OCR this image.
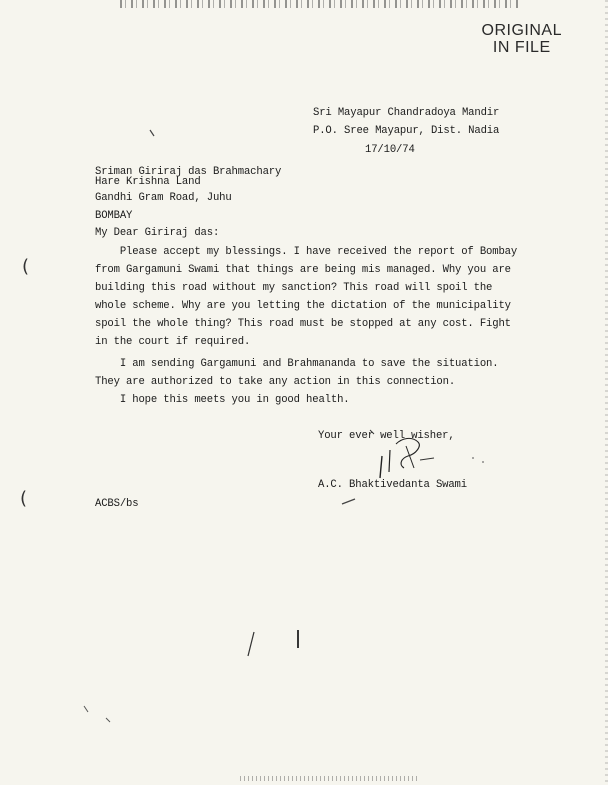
ORIGINAL
IN FILE
Sri Mayapur Chandradoya Mandir
P.O. Sree Mayapur, Dist. Nadia
17/10/74
Sriman Giriraj das Brahmachary
Hare Krishna Land
Gandhi Gram Road, Juhu
BOMBAY
My Dear Giriraj das:
Please accept my blessings. I have received the report of Bombay
from Gargamuni Swami that things are being mis managed. Why you are
building this road without my sanction? This road will spoil the
whole scheme. Why are you letting the dictation of the municipality
spoil the whole thing? This road must be stopped at any cost. Fight
in the court if required.
I am sending Gargamuni and Brahmananda to save the situation.
They are authorized to take any action in this connection.
I hope this meets you in good health.
Your ever well wisher,
A.C. Bhaktivedanta Swami
ACBS/bs
(
(
